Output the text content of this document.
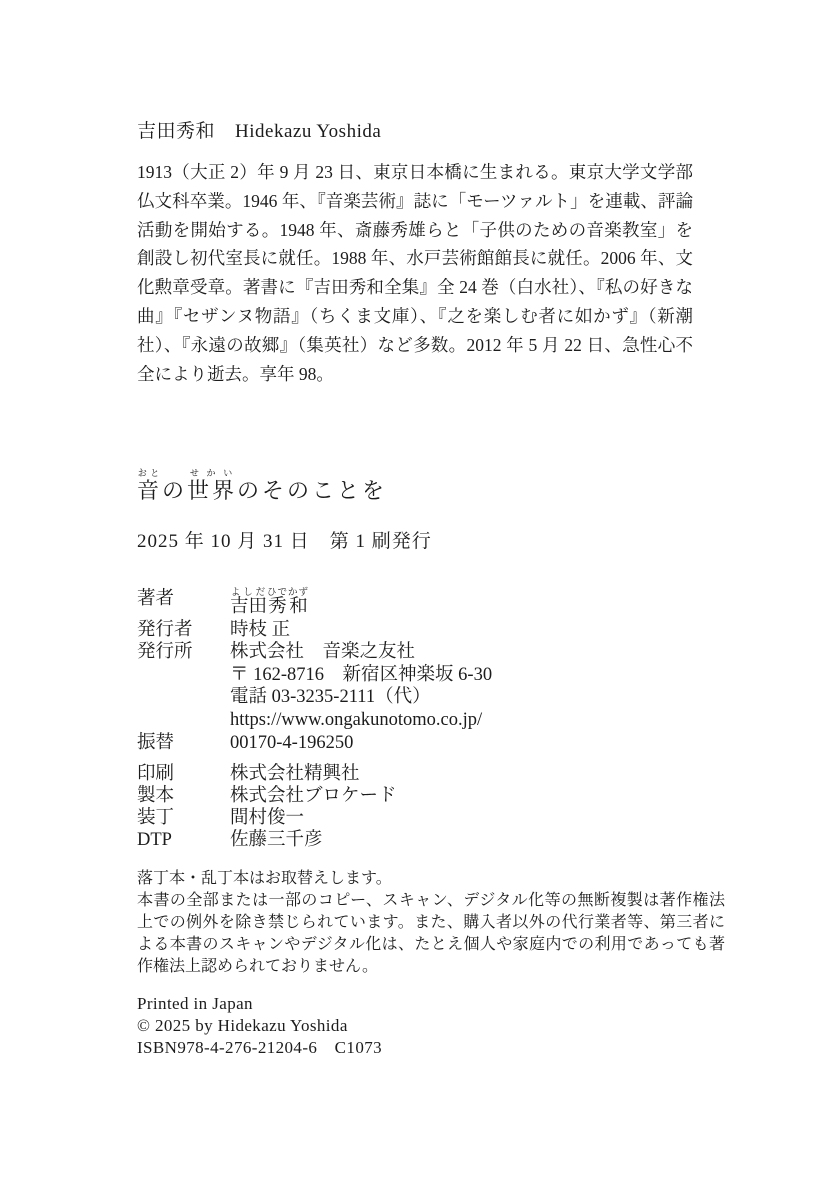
吉田秀和 Hidekazu Yoshida

1913（大正 2）年 9 月 23 日、東京日本橋に生まれる。東京大学文学部仏文科卒業。1946 年、『音楽芸術』誌に「モーツァルト」を連載、評論活動を開始する。1948 年、斎藤秀雄らと「子供のための音楽教室」を創設し初代室長に就任。1988 年、水戸芸術館館長に就任。2006 年、文化勲章受章。著書に『吉田秀和全集』全 24 巻（白水社）、『私の好きな曲』『セザンヌ物語』（ちくま文庫）、『之を楽しむ者に如かず』（新潮社）、『永遠の故郷』（集英社）など多数。2012 年 5 月 22 日、急性心不全により逝去。享年 98。

音おとの世界せかいのそのことを
2025 年 10 月 31 日　第 1 刷発行
著者	吉田よしだ秀和ひでかず
発行者	時枝 正
発行所	株式会社　音楽之友社
〒 162-8716　新宿区神楽坂 6-30
電話 03-3235-2111（代）
https://www.ongakunotomo.co.jp/
振替	00170-4-196250
印刷	株式会社精興社
製本	株式会社ブロケード
装丁	間村俊一
DTP	佐藤三千彦

落丁本・乱丁本はお取替えします。

本書の全部または一部のコピー、スキャン、デジタル化等の無断複製は著作権法上での例外を除き禁じられています。また、購入者以外の代行業者等、第三者による本書のスキャンやデジタル化は、たとえ個人や家庭内での利用であっても著作権法上認められておりません。

Printed in Japan
© 2025 by Hidekazu Yoshida
ISBN978-4-276-21204-6　C1073
